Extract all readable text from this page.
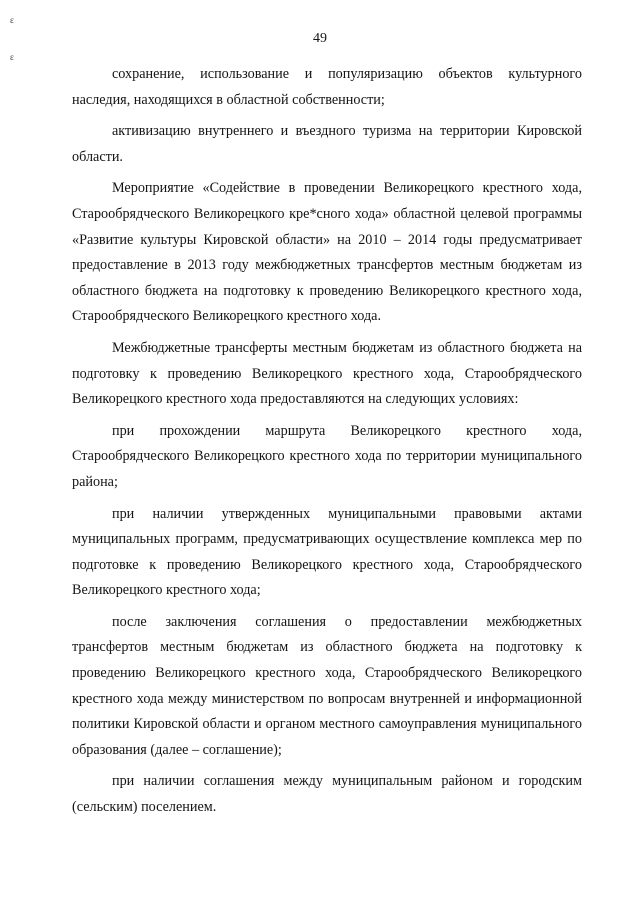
ε
ɛ
49

сохранение, использование и популяризацию объектов культурного наследия, находящихся в областной собственности;

активизацию внутреннего и въездного туризма на территории Кировской области.

Мероприятие «Содействие в проведении Великорецкого крестного хода, Старообрядческого Великорецкого кре*сного хода» областной целевой программы «Развитие культуры Кировской области» на 2010 – 2014 годы предусматривает предоставление в 2013 году межбюджетных трансфертов местным бюджетам из областного бюджета на подготовку к проведению Великорецкого крестного хода, Старообрядческого Великорецкого крестного хода.

Межбюджетные трансферты местным бюджетам из областного бюджета на подготовку к проведению Великорецкого крестного хода, Старообрядческого Великорецкого крестного хода предоставляются на следующих условиях:

при прохождении маршрута Великорецкого крестного хода, Старообрядческого Великорецкого крестного хода по территории муниципального района;

при наличии утвержденных муниципальными правовыми актами муниципальных программ, предусматривающих осуществление комплекса мер по подготовке к проведению Великорецкого крестного хода, Старообрядческого Великорецкого крестного хода;

после заключения соглашения о предоставлении межбюджетных трансфертов местным бюджетам из областного бюджета на подготовку к проведению Великорецкого крестного хода, Старообрядческого Великорецкого крестного хода между министерством по вопросам внутренней и информационной политики Кировской области и органом местного самоуправления муниципального образования (далее – соглашение);

при наличии соглашения между муниципальным районом и городским (сельским) поселением.
